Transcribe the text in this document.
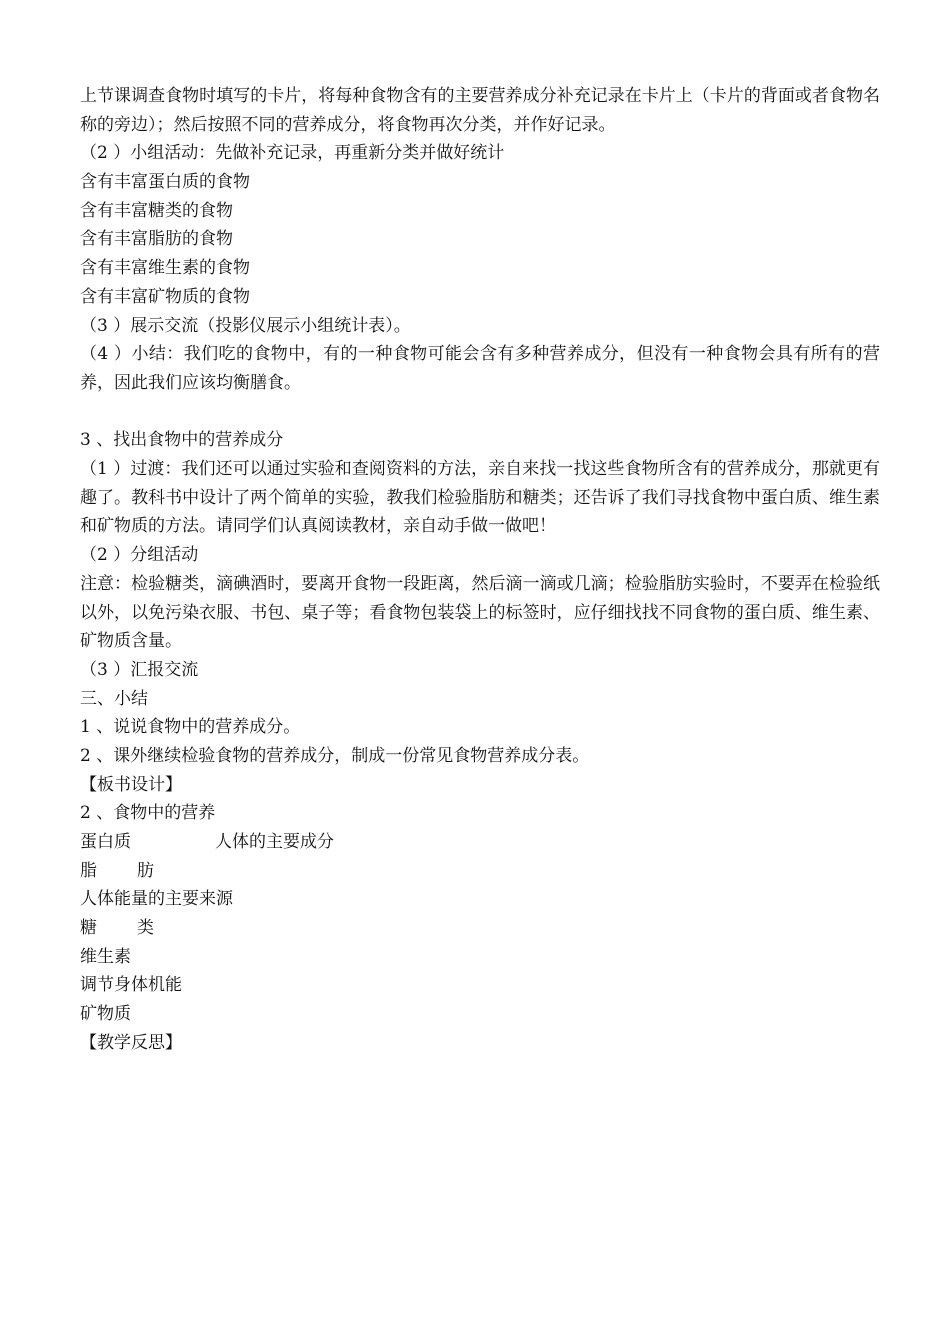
上节课调查食物时填写的卡片，将每种食物含有的主要营养成分补充记录在卡片上（卡片的背面或者食物名称的旁边）；然后按照不同的营养成分，将食物再次分类，并作好记录。
（2 ）小组活动：先做补充记录，再重新分类并做好统计
含有丰富蛋白质的食物
含有丰富糖类的食物
含有丰富脂肪的食物
含有丰富维生素的食物
含有丰富矿物质的食物
（3 ）展示交流（投影仪展示小组统计表）。
（4 ）小结：我们吃的食物中，有的一种食物可能会含有多种营养成分，但没有一种食物会具有所有的营养，因此我们应该均衡膳食。
3 、找出食物中的营养成分
（1 ）过渡：我们还可以通过实验和查阅资料的方法，亲自来找一找这些食物所含有的营养成分，那就更有趣了。教科书中设计了两个简单的实验，教我们检验脂肪和糖类；还告诉了我们寻找食物中蛋白质、维生素和矿物质的方法。请同学们认真阅读教材，亲自动手做一做吧！
（2 ）分组活动
注意：检验糖类，滴碘酒时，要离开食物一段距离，然后滴一滴或几滴；检验脂肪实验时，不要弄在检验纸以外，以免污染衣服、书包、桌子等；看食物包装袋上的标签时，应仔细找找不同食物的蛋白质、维生素、矿物质含量。
（3 ）汇报交流
三、小结
1 、说说食物中的营养成分。
2 、课外继续检验食物的营养成分，制成一份常见食物营养成分表。
【板书设计】
2 、食物中的营养
蛋白质	人体的主要成分
脂 肪
人体能量的主要来源
糖 类
维生素
调节身体机能
矿物质
【教学反思】
